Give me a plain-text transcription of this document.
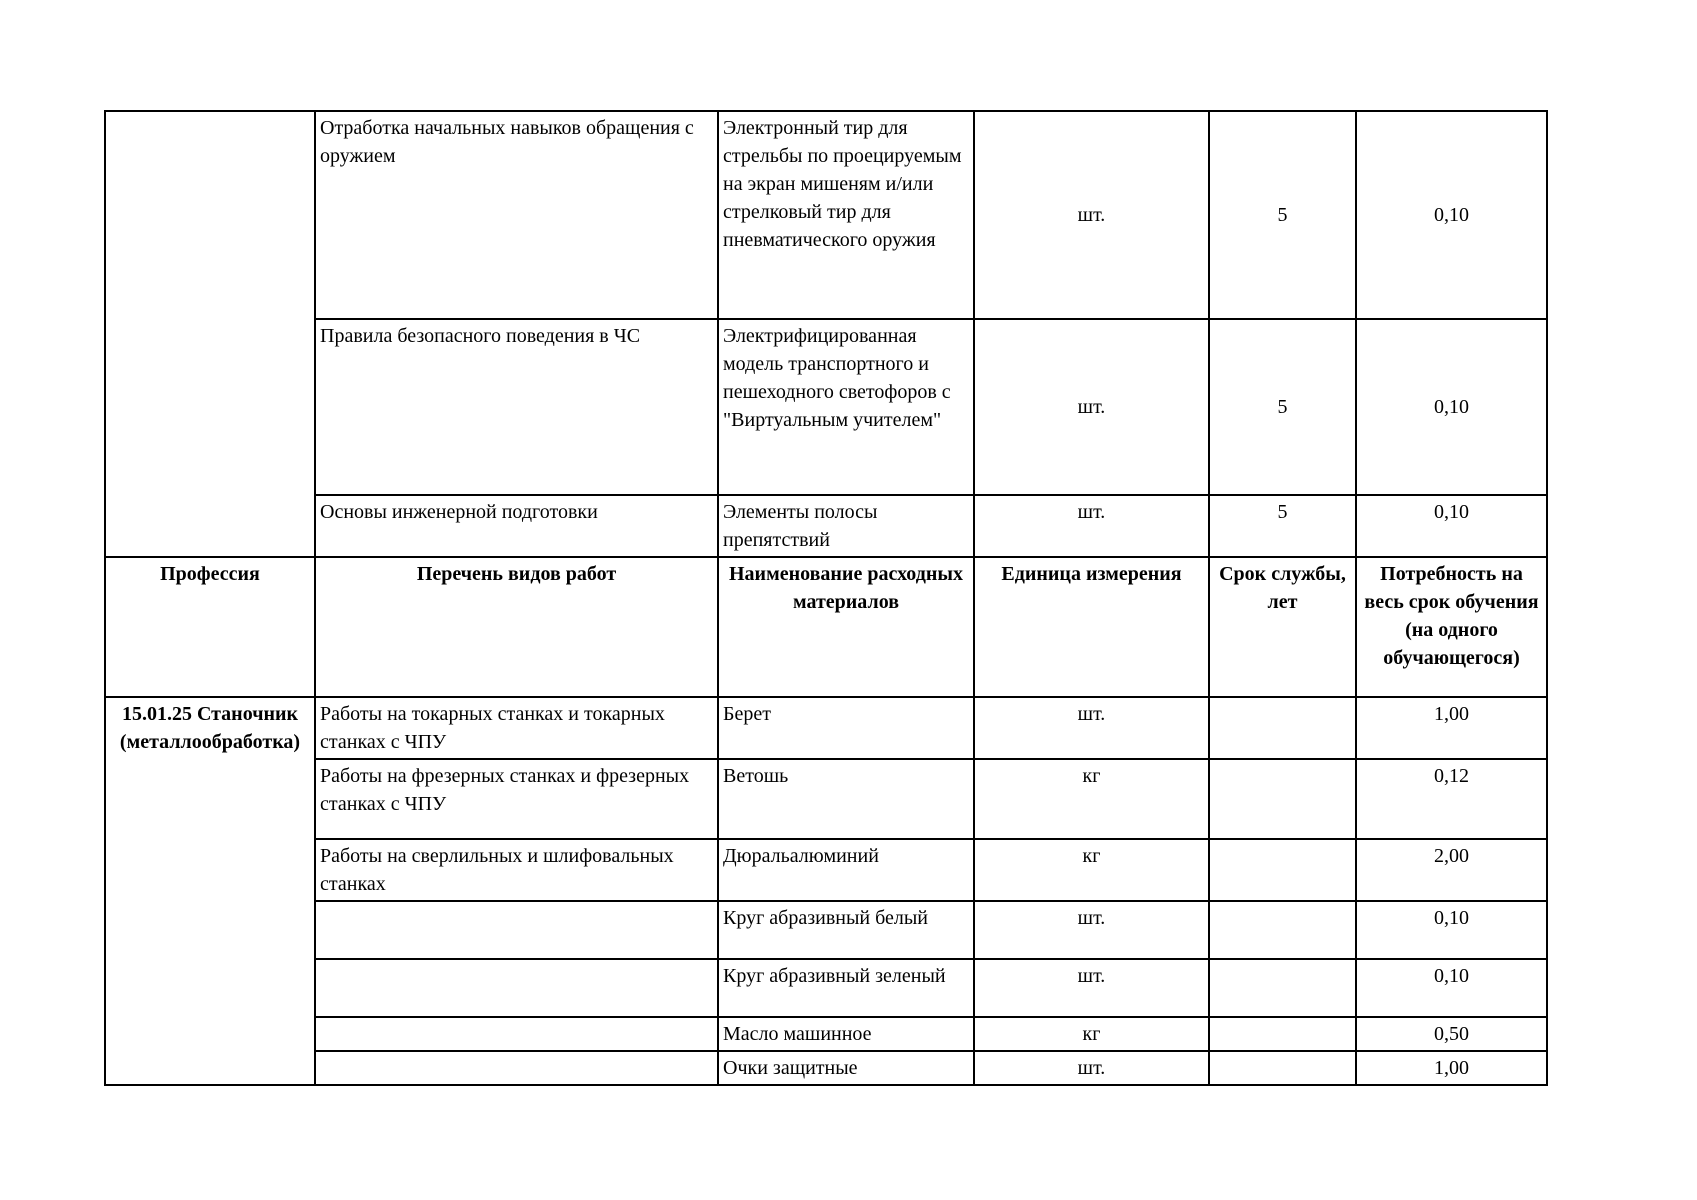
	Отработка начальных навыков обращения с оружием	Электронный тир для стрельбы по проецируемым на экран мишеням и/или стрелковый тир для пневматического оружия	шт.	5	0,10
	Правила безопасного поведения в ЧС	Электрифицированная модель транспортного и пешеходного светофоров с "Виртуальным учителем"	шт.	5	0,10
	Основы инженерной подготовки	Элементы полосы препятствий	шт.	5	0,10
Профессия	Перечень видов работ	Наименование расходных материалов	Единица измерения	Срок службы, лет	Потребность на весь срок обучения (на одного обучающегося)
15.01.25 Станочник (металлообработка)	Работы на токарных станках и токарных станках с ЧПУ	Берет	шт.		1,00
	Работы на фрезерных станках и фрезерных станках с ЧПУ	Ветошь	кг		0,12
	Работы на сверлильных и шлифовальных станках	Дюральалюминий	кг		2,00
		Круг абразивный белый	шт.		0,10
		Круг абразивный зеленый	шт.		0,10
		Масло машинное	кг		0,50
		Очки защитные	шт.		1,00
